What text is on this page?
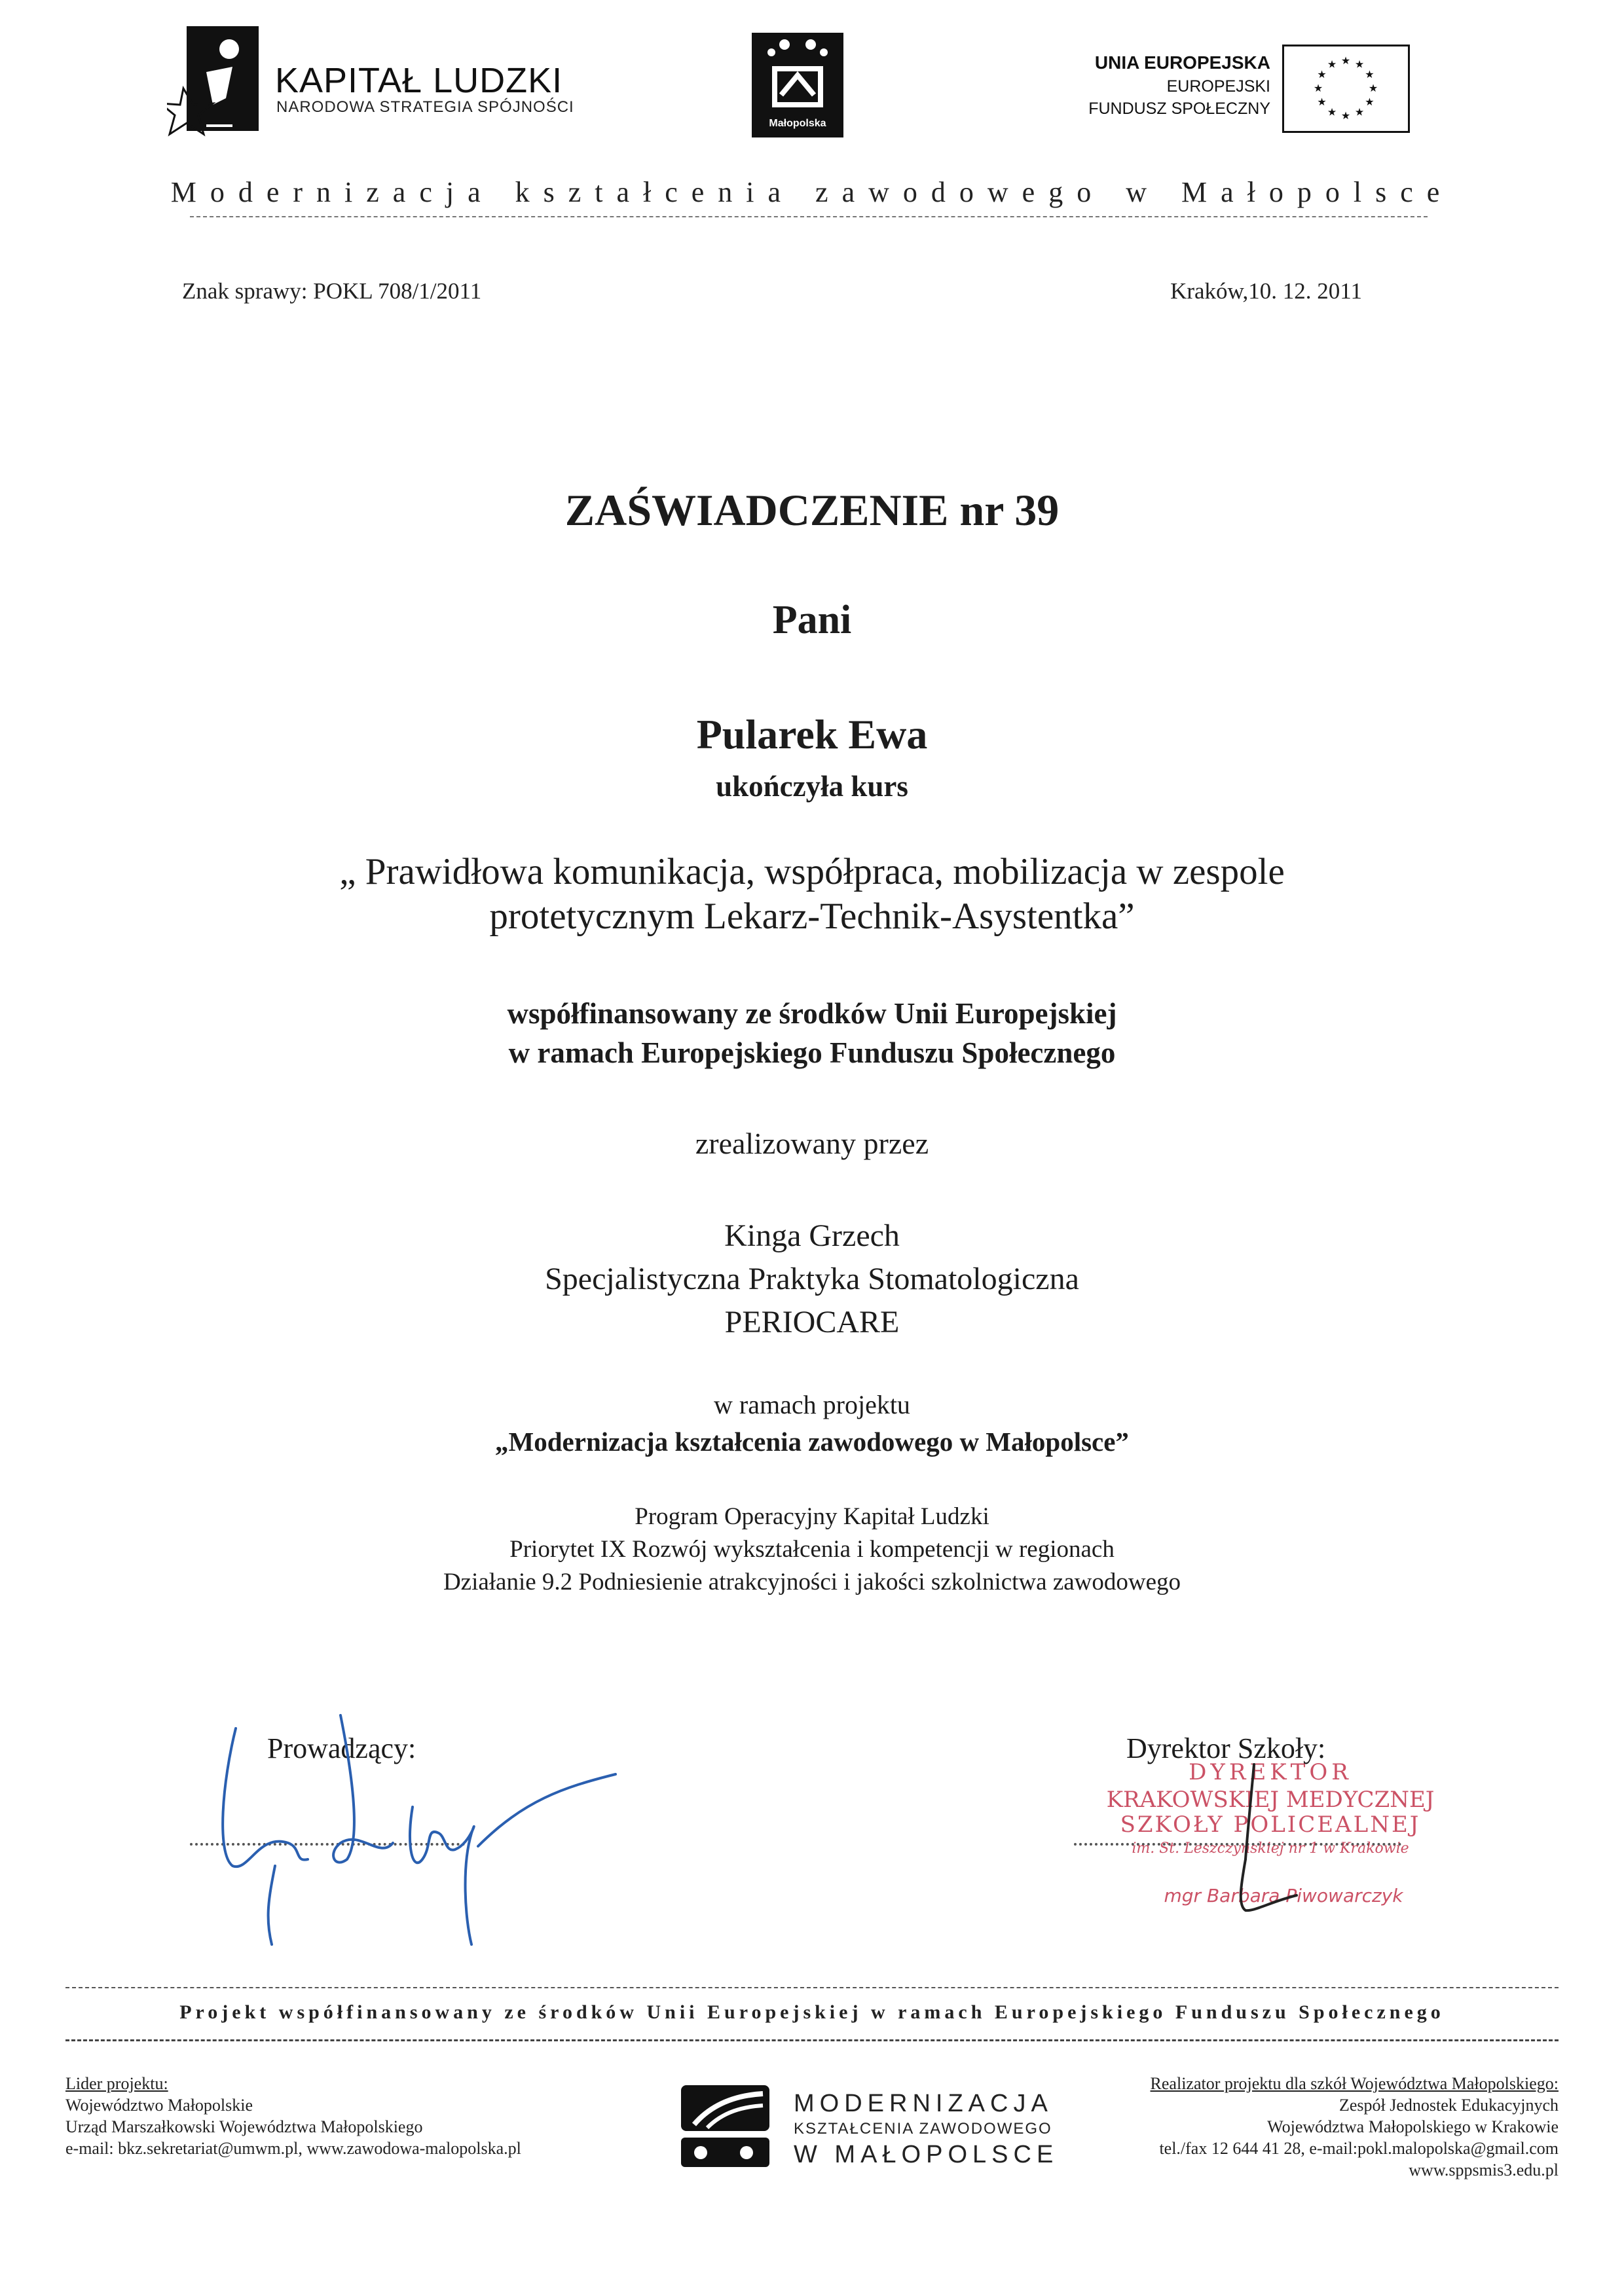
KAPITAŁ LUDZKI
NARODOWA STRATEGIA SPÓJNOŚCI
Małopolska
UNIA EUROPEJSKA
EUROPEJSKI
FUNDUSZ SPOŁECZNY
★ ★
★
★
★
★
★
★
★
★
★
★
Modernizacja kształcenia zawodowego w Małopolsce
Znak sprawy: POKL 708/1/2011	Kraków,10. 12. 2011
ZAŚWIADCZENIE nr 39
Pani
Pularek Ewa
ukończyła kurs
„ Prawidłowa komunikacja, współpraca, mobilizacja w zespole
protetycznym Lekarz-Technik-Asystentka”
współfinansowany ze środków Unii Europejskiej
w ramach Europejskiego Funduszu Społecznego
zrealizowany przez
Kinga Grzech
Specjalistyczna Praktyka Stomatologiczna
PERIOCARE
w ramach projektu
„Modernizacja kształcenia zawodowego w Małopolsce”
Program Operacyjny Kapitał Ludzki
Priorytet IX Rozwój wykształcenia i kompetencji w regionach
Działanie 9.2 Podniesienie atrakcyjności i jakości szkolnictwa zawodowego
Prowadzący:	Dyrektor Szkoły:
DYREKTOR
KRAKOWSKIEJ MEDYCZNEJ
SZKOŁY POLICEALNEJ
im. St. Leszczyńskiej nr 1 w Krakowie
mgr Barbara Piwowarczyk
Projekt współfinansowany ze środków Unii Europejskiej w ramach Europejskiego Funduszu Społecznego
Lider projektu:
Województwo Małopolskie
Urząd Marszałkowski Województwa Małopolskiego
e-mail: bkz.sekretariat@umwm.pl, www.zawodowa-malopolska.pl
MODERNIZACJA
KSZTAŁCENIA ZAWODOWEGO
W MAŁOPOLSCE
Realizator projektu dla szkół Województwa Małopolskiego:
Zespół Jednostek Edukacyjnych
Województwa Małopolskiego w Krakowie
tel./fax 12 644 41 28, e-mail:pokl.malopolska@gmail.com
www.sppsmis3.edu.pl
